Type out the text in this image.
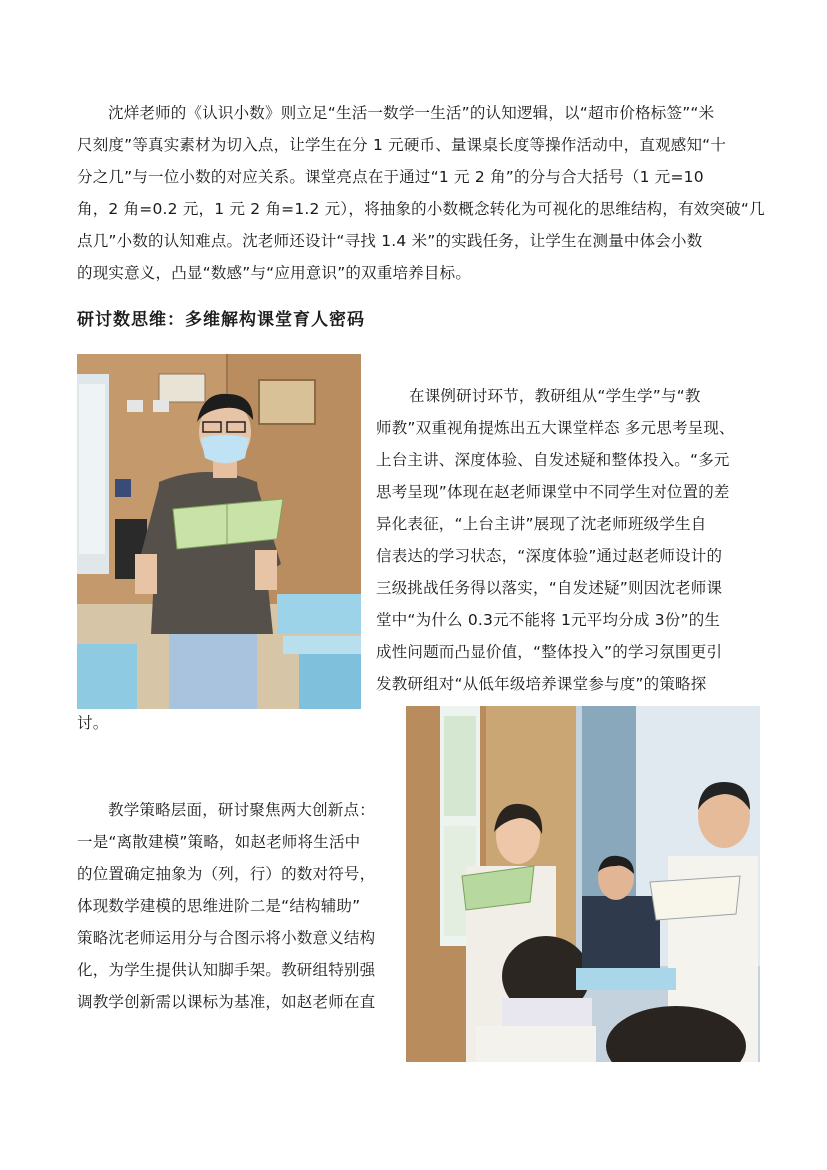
沈烊老师的《认识小数》则立足“生活一数学一生活”的认知逻辑，以“超市价格标签”“米
尺刻度”等真实素材为切入点，让学生在分 1 元硬币、量课桌长度等操作活动中，直观感知“十
分之几”与一位小数的对应关系。课堂亮点在于通过“1 元 2 角”的分与合大括号（1 元=10
角，2 角=0.2 元，1 元 2 角=1.2 元），将抽象的小数概念转化为可视化的思维结构，有效突破“几
点几”小数的认知难点。沈老师还设计“寻找 1.4 米”的实践任务，让学生在测量中体会小数
的现实意义，凸显“数感”与“应用意识”的双重培养目标。
研讨数思维：多维解构课堂育人密码
在课例研讨环节，教研组从“学生学”与“教
师教”双重视角提炼出五大课堂样态 多元思考呈现、
上台主讲、深度体验、自发述疑和整体投入。“多元
思考呈现”体现在赵老师课堂中不同学生对位置的差
异化表征，“上台主讲”展现了沈老师班级学生自
信表达的学习状态，“深度体验”通过赵老师设计的
三级挑战任务得以落实，“自发述疑”则因沈老师课
堂中“为什么 0.3元不能将 1元平均分成 3份”的生
成性问题而凸显价值，“整体投入”的学习氛围更引
发教研组对“从低年级培养课堂参与度”的策略探
讨。
教学策略层面，研讨聚焦两大创新点：
一是“离散建模”策略，如赵老师将生活中
的位置确定抽象为（列，行）的数对符号，
体现数学建模的思维进阶二是“结构辅助”
策略沈老师运用分与合图示将小数意义结构
化，为学生提供认知脚手架。教研组特别强
调教学创新需以课标为基准，如赵老师在直
